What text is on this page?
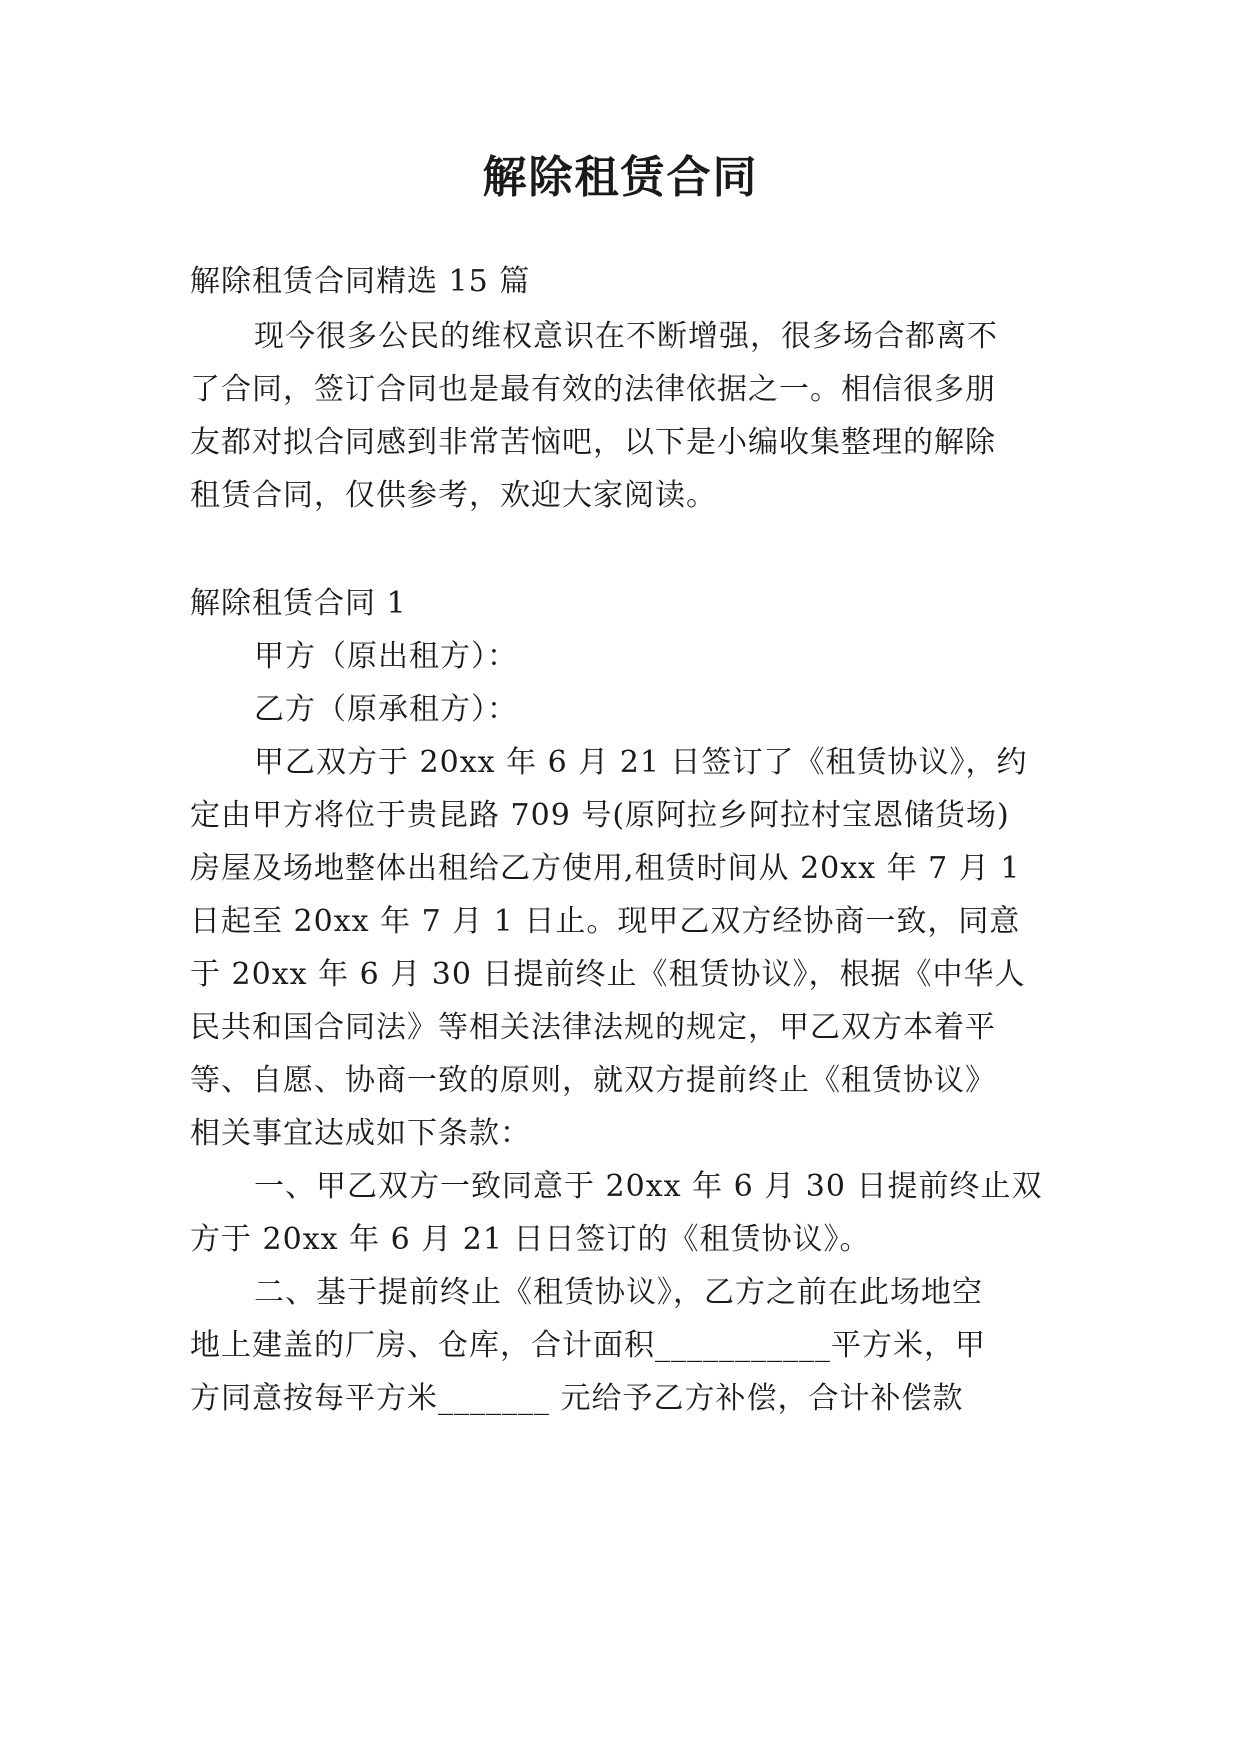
解除租赁合同

解除租赁合同精选 15 篇

现今很多公民的维权意识在不断增强，很多场合都离不

了合同，签订合同也是最有效的法律依据之一。相信很多朋

友都对拟合同感到非常苦恼吧，以下是小编收集整理的解除

租赁合同，仅供参考，欢迎大家阅读。

解除租赁合同 1

甲方（原出租方）：

乙方（原承租方）：

甲乙双方于 20xx 年 6 月 21 日签订了《租赁协议》，约

定由甲方将位于贵昆路 709 号(原阿拉乡阿拉村宝恩储货场)

房屋及场地整体出租给乙方使用,租赁时间从 20xx 年 7 月 1

日起至 20xx 年 7 月 1 日止。现甲乙双方经协商一致，同意

于 20xx 年 6 月 30 日提前终止《租赁协议》，根据《中华人

民共和国合同法》等相关法律法规的规定，甲乙双方本着平

等、自愿、协商一致的原则，就双方提前终止《租赁协议》

相关事宜达成如下条款：

一、甲乙双方一致同意于 20xx 年 6 月 30 日提前终止双

方于 20xx 年 6 月 21 日日签订的《租赁协议》。

二、基于提前终止《租赁协议》，乙方之前在此场地空

地上建盖的厂房、仓库，合计面积___________平方米，甲

方同意按每平方米_______ 元给予乙方补偿，合计补偿款
